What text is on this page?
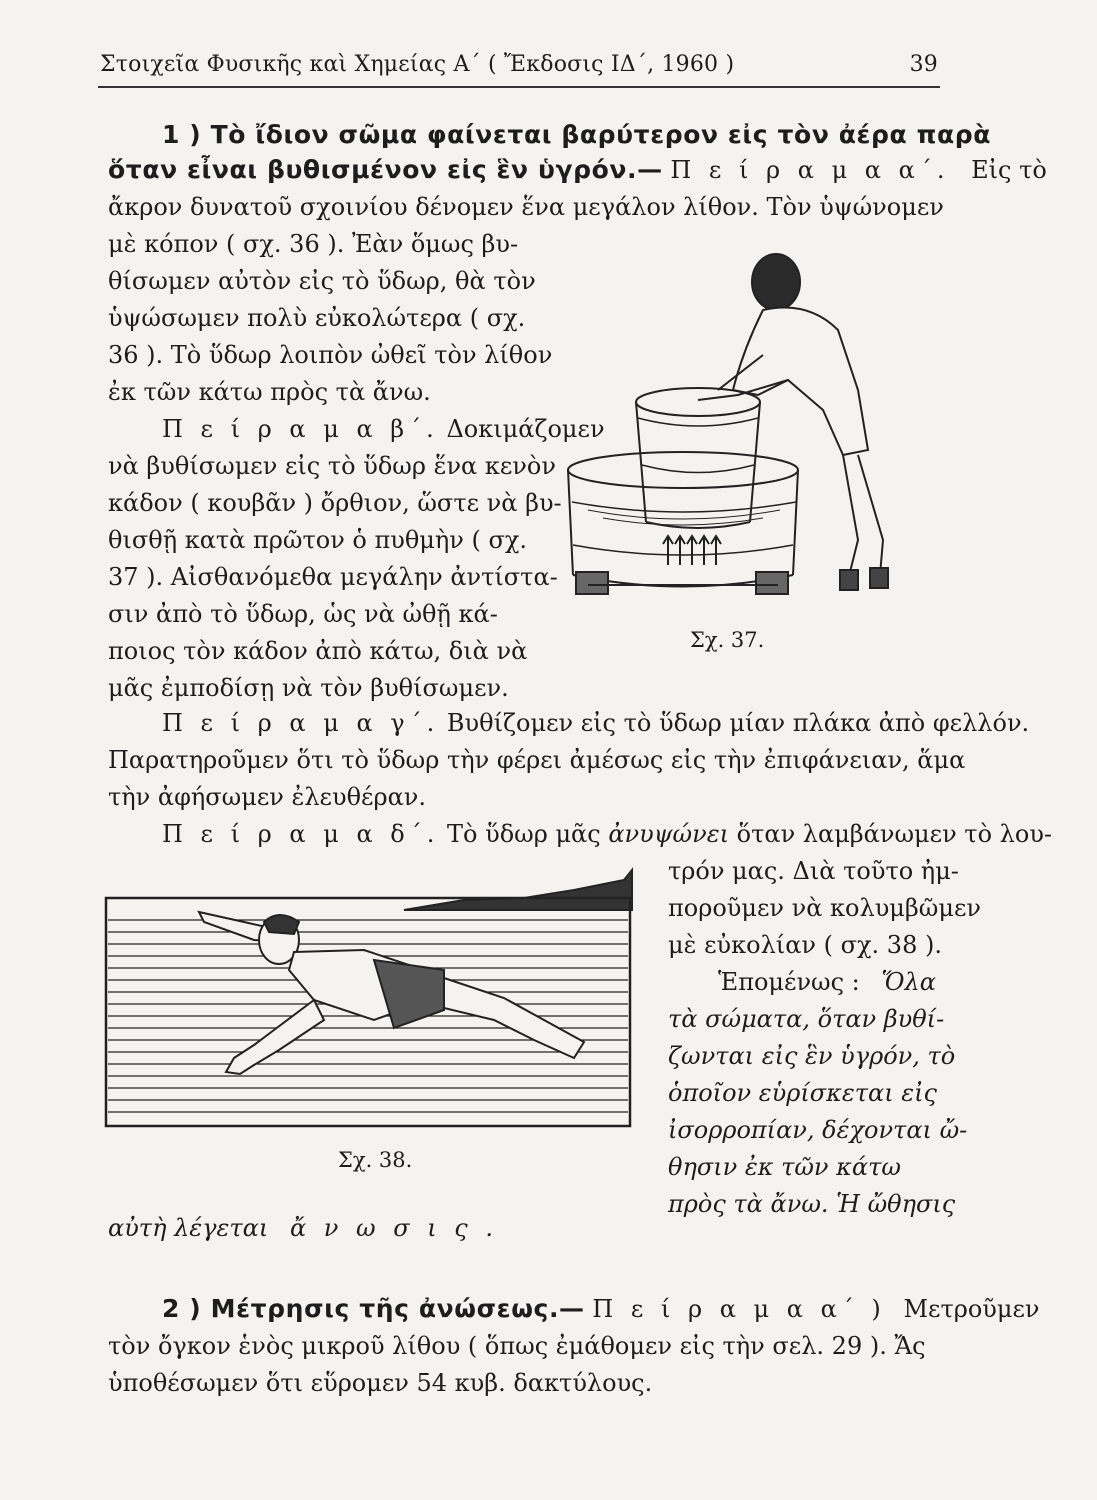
Στοιχεῖα Φυσικῆς καὶ Χημείας Α΄ ( Ἔκδοσις ΙΔ΄, 1960 )	39
1 ) Τὸ ἴδιον σῶμα φαίνεται βαρύτερον εἰς τὸν ἀέρα παρὰ
ὅταν εἶναι βυθισμένον εἰς ἓν ὑγρόν.— Π ε ί ρ α μ α α΄. Εἰς τὸ
ἄκρον δυνατοῦ σχοινίου δένομεν ἕνα μεγάλον λίθον. Τὸν ὑψώνομεν
μὲ κόπον ( σχ. 36 ). Ἐὰν ὅμως βυ-
θίσωμεν αὐτὸν εἰς τὸ ὕδωρ, θὰ τὸν
ὑψώσωμεν πολὺ εὐκολώτερα ( σχ.
36 ). Τὸ ὕδωρ λοιπὸν ὠθεῖ τὸν λίθον
ἐκ τῶν κάτω πρὸς τὰ ἄνω.
Π ε ί ρ α μ α β΄. Δοκιμάζομεν
νὰ βυθίσωμεν εἰς τὸ ὕδωρ ἕνα κενὸν
κάδον ( κουβᾶν ) ὄρθιον, ὥστε νὰ βυ-
θισθῇ κατὰ πρῶτον ὁ πυθμὴν ( σχ.
37 ). Αἰσθανόμεθα μεγάλην ἀντίστα-
σιν ἀπὸ τὸ ὕδωρ, ὡς νὰ ὠθῇ κά-
ποιος τὸν κάδον ἀπὸ κάτω, διὰ νὰ
μᾶς ἐμποδίσῃ νὰ τὸν βυθίσωμεν.
Σχ. 37.
Π ε ί ρ α μ α γ΄. Βυθίζομεν εἰς τὸ ὕδωρ μίαν πλάκα ἀπὸ φελλόν.
Παρατηροῦμεν ὅτι τὸ ὕδωρ τὴν φέρει ἀμέσως εἰς τὴν ἐπιφάνειαν, ἅμα
τὴν ἀφήσωμεν ἐλευθέραν.
Π ε ί ρ α μ α δ΄. Τὸ ὕδωρ μᾶς ἀνυψώνει ὅταν λαμβάνωμεν τὸ λου-
τρόν μας. Διὰ τοῦτο ἠμ-
ποροῦμεν νὰ κολυμβῶμεν
μὲ εὐκολίαν ( σχ. 38 ).
Ἑπομένως : Ὅλα
τὰ σώματα, ὅταν βυθί-
ζωνται εἰς ἓν ὑγρόν, τὸ
ὁποῖον εὑρίσκεται εἰς
ἰσορροπίαν, δέχονται ὤ-
θησιν ἐκ τῶν κάτω
πρὸς τὰ ἄνω. Ἡ ὤθησις
Σχ. 38.
αὐτὴ λέγεται ἄ ν ω σ ι ς .
2 ) Μέτρησις τῆς ἀνώσεως.— Π ε ί ρ α μ α α΄ ) Μετροῦμεν
τὸν ὄγκον ἑνὸς μικροῦ λίθου ( ὅπως ἐμάθομεν εἰς τὴν σελ. 29 ). Ἄς
ὑποθέσωμεν ὅτι εὕρομεν 54 κυβ. δακτύλους.
